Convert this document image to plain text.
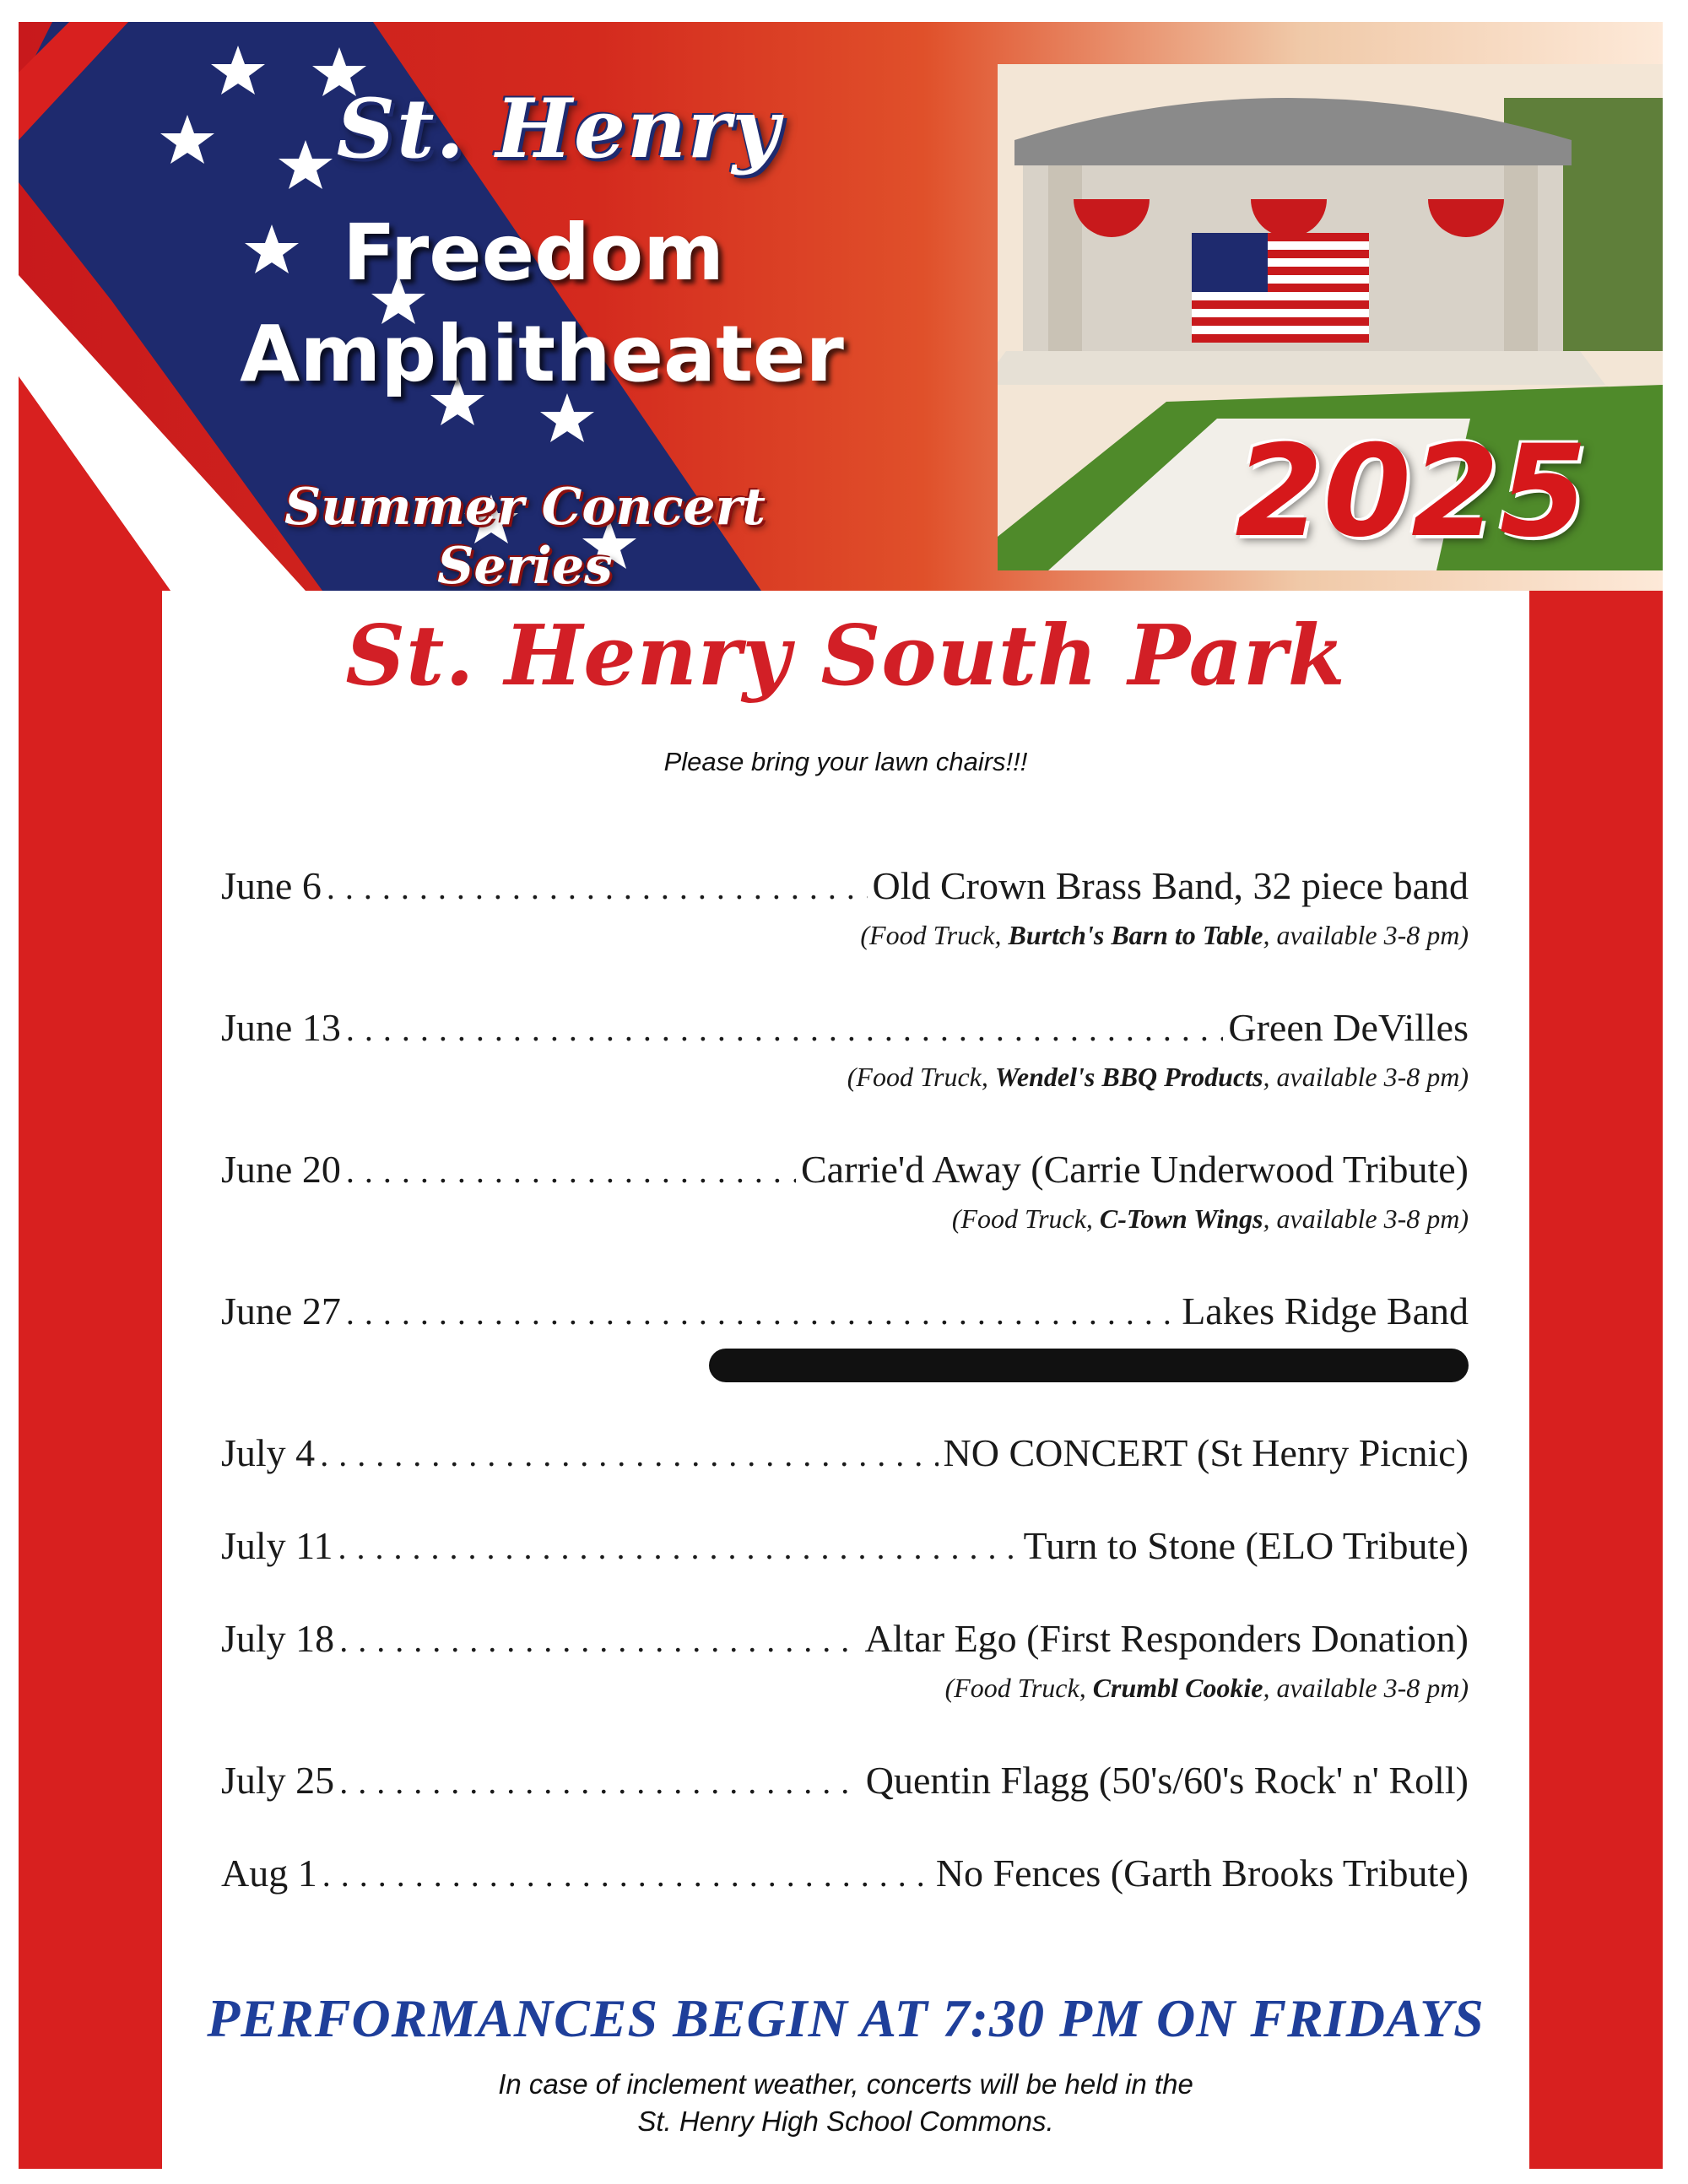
St. Henry
Freedom
Amphitheater
Summer Concert Series
2025
St. Henry South Park
Please bring your lawn chairs!!!
June 6 . . .	Old Crown Brass Band, 32 piece band
(Food Truck, Burtch's Barn to Table, available 3-8 pm)
June 13 . . .	Green DeVilles
(Food Truck, Wendel's BBQ Products, available 3-8 pm)
June 20 . . .	Carrie'd Away (Carrie Underwood Tribute)
(Food Truck, C-Town Wings, available 3-8 pm)
June 27 . . .	Lakes Ridge Band
July 4 . . .	NO CONCERT (St Henry Picnic)
July 11 . . .	Turn to Stone (ELO Tribute)
July 18 . . .	Altar Ego (First Responders Donation)
(Food Truck, Crumbl Cookie, available 3-8 pm)
July 25 . . .	Quentin Flagg (50's/60's Rock' n' Roll)
Aug 1 . . .	No Fences (Garth Brooks Tribute)
PERFORMANCES BEGIN AT 7:30 PM ON FRIDAYS
In case of inclement weather, concerts will be held in the
St. Henry High School Commons.
